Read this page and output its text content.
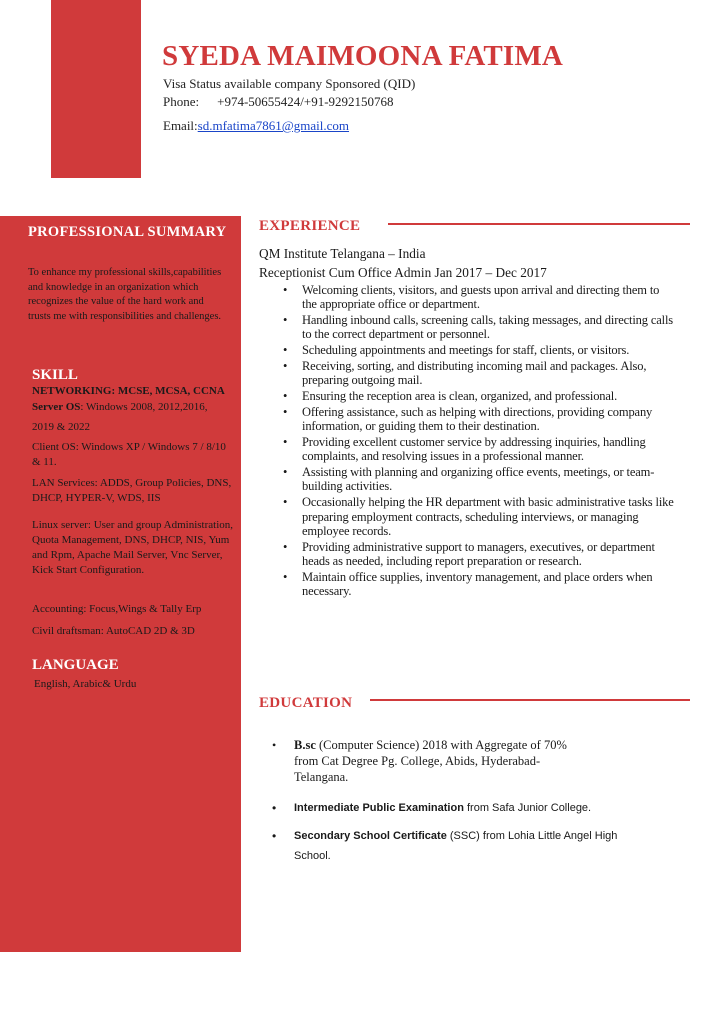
SYEDA MAIMOONA FATIMA
Visa Status available company Sponsored (QID)
Phone: +974-50655424/+91-9292150768
Email:sd.mfatima7861@gmail.com
PROFESSIONAL SUMMARY
To enhance my professional skills,capabilities and knowledge in an organization which recognizes the value of the hard work and trusts me with responsibilities and challenges.
SKILL
NETWORKING: MCSE, MCSA, CCNA
Server OS: Windows 2008, 2012,2016,
2019 & 2022
Client OS: Windows XP / Windows 7 / 8/10 & 11.
LAN Services: ADDS, Group Policies, DNS, DHCP, HYPER-V, WDS, IIS
Linux server: User and group Administration, Quota Management, DNS, DHCP, NIS, Yum and Rpm, Apache Mail Server, Vnc Server, Kick Start Configuration.
Accounting: Focus,Wings & Tally Erp
Civil draftsman: AutoCAD 2D & 3D
LANGUAGE
English, Arabic& Urdu
EXPERIENCE
QM Institute Telangana – India
Receptionist Cum Office Admin Jan 2017 – Dec 2017
• Welcoming clients, visitors, and guests upon arrival and directing them to the appropriate office or department.
• Handling inbound calls, screening calls, taking messages, and directing calls to the correct department or personnel.
• Scheduling appointments and meetings for staff, clients, or visitors.
• Receiving, sorting, and distributing incoming mail and packages. Also, preparing outgoing mail.
• Ensuring the reception area is clean, organized, and professional.
• Offering assistance, such as helping with directions, providing company information, or guiding them to their destination.
• Providing excellent customer service by addressing inquiries, handling complaints, and resolving issues in a professional manner.
• Assisting with planning and organizing office events, meetings, or team-building activities.
• Occasionally helping the HR department with basic administrative tasks like preparing employment contracts, scheduling interviews, or managing employee records.
• Providing administrative support to managers, executives, or department heads as needed, including report preparation or research.
• Maintain office supplies, inventory management, and place orders when necessary.
EDUCATION
• B.sc (Computer Science) 2018 with Aggregate of 70% from Cat Degree Pg. College, Abids, Hyderabad-Telangana.
• Intermediate Public Examination from Safa Junior College.
• Secondary School Certificate (SSC) from Lohia Little Angel High School.
